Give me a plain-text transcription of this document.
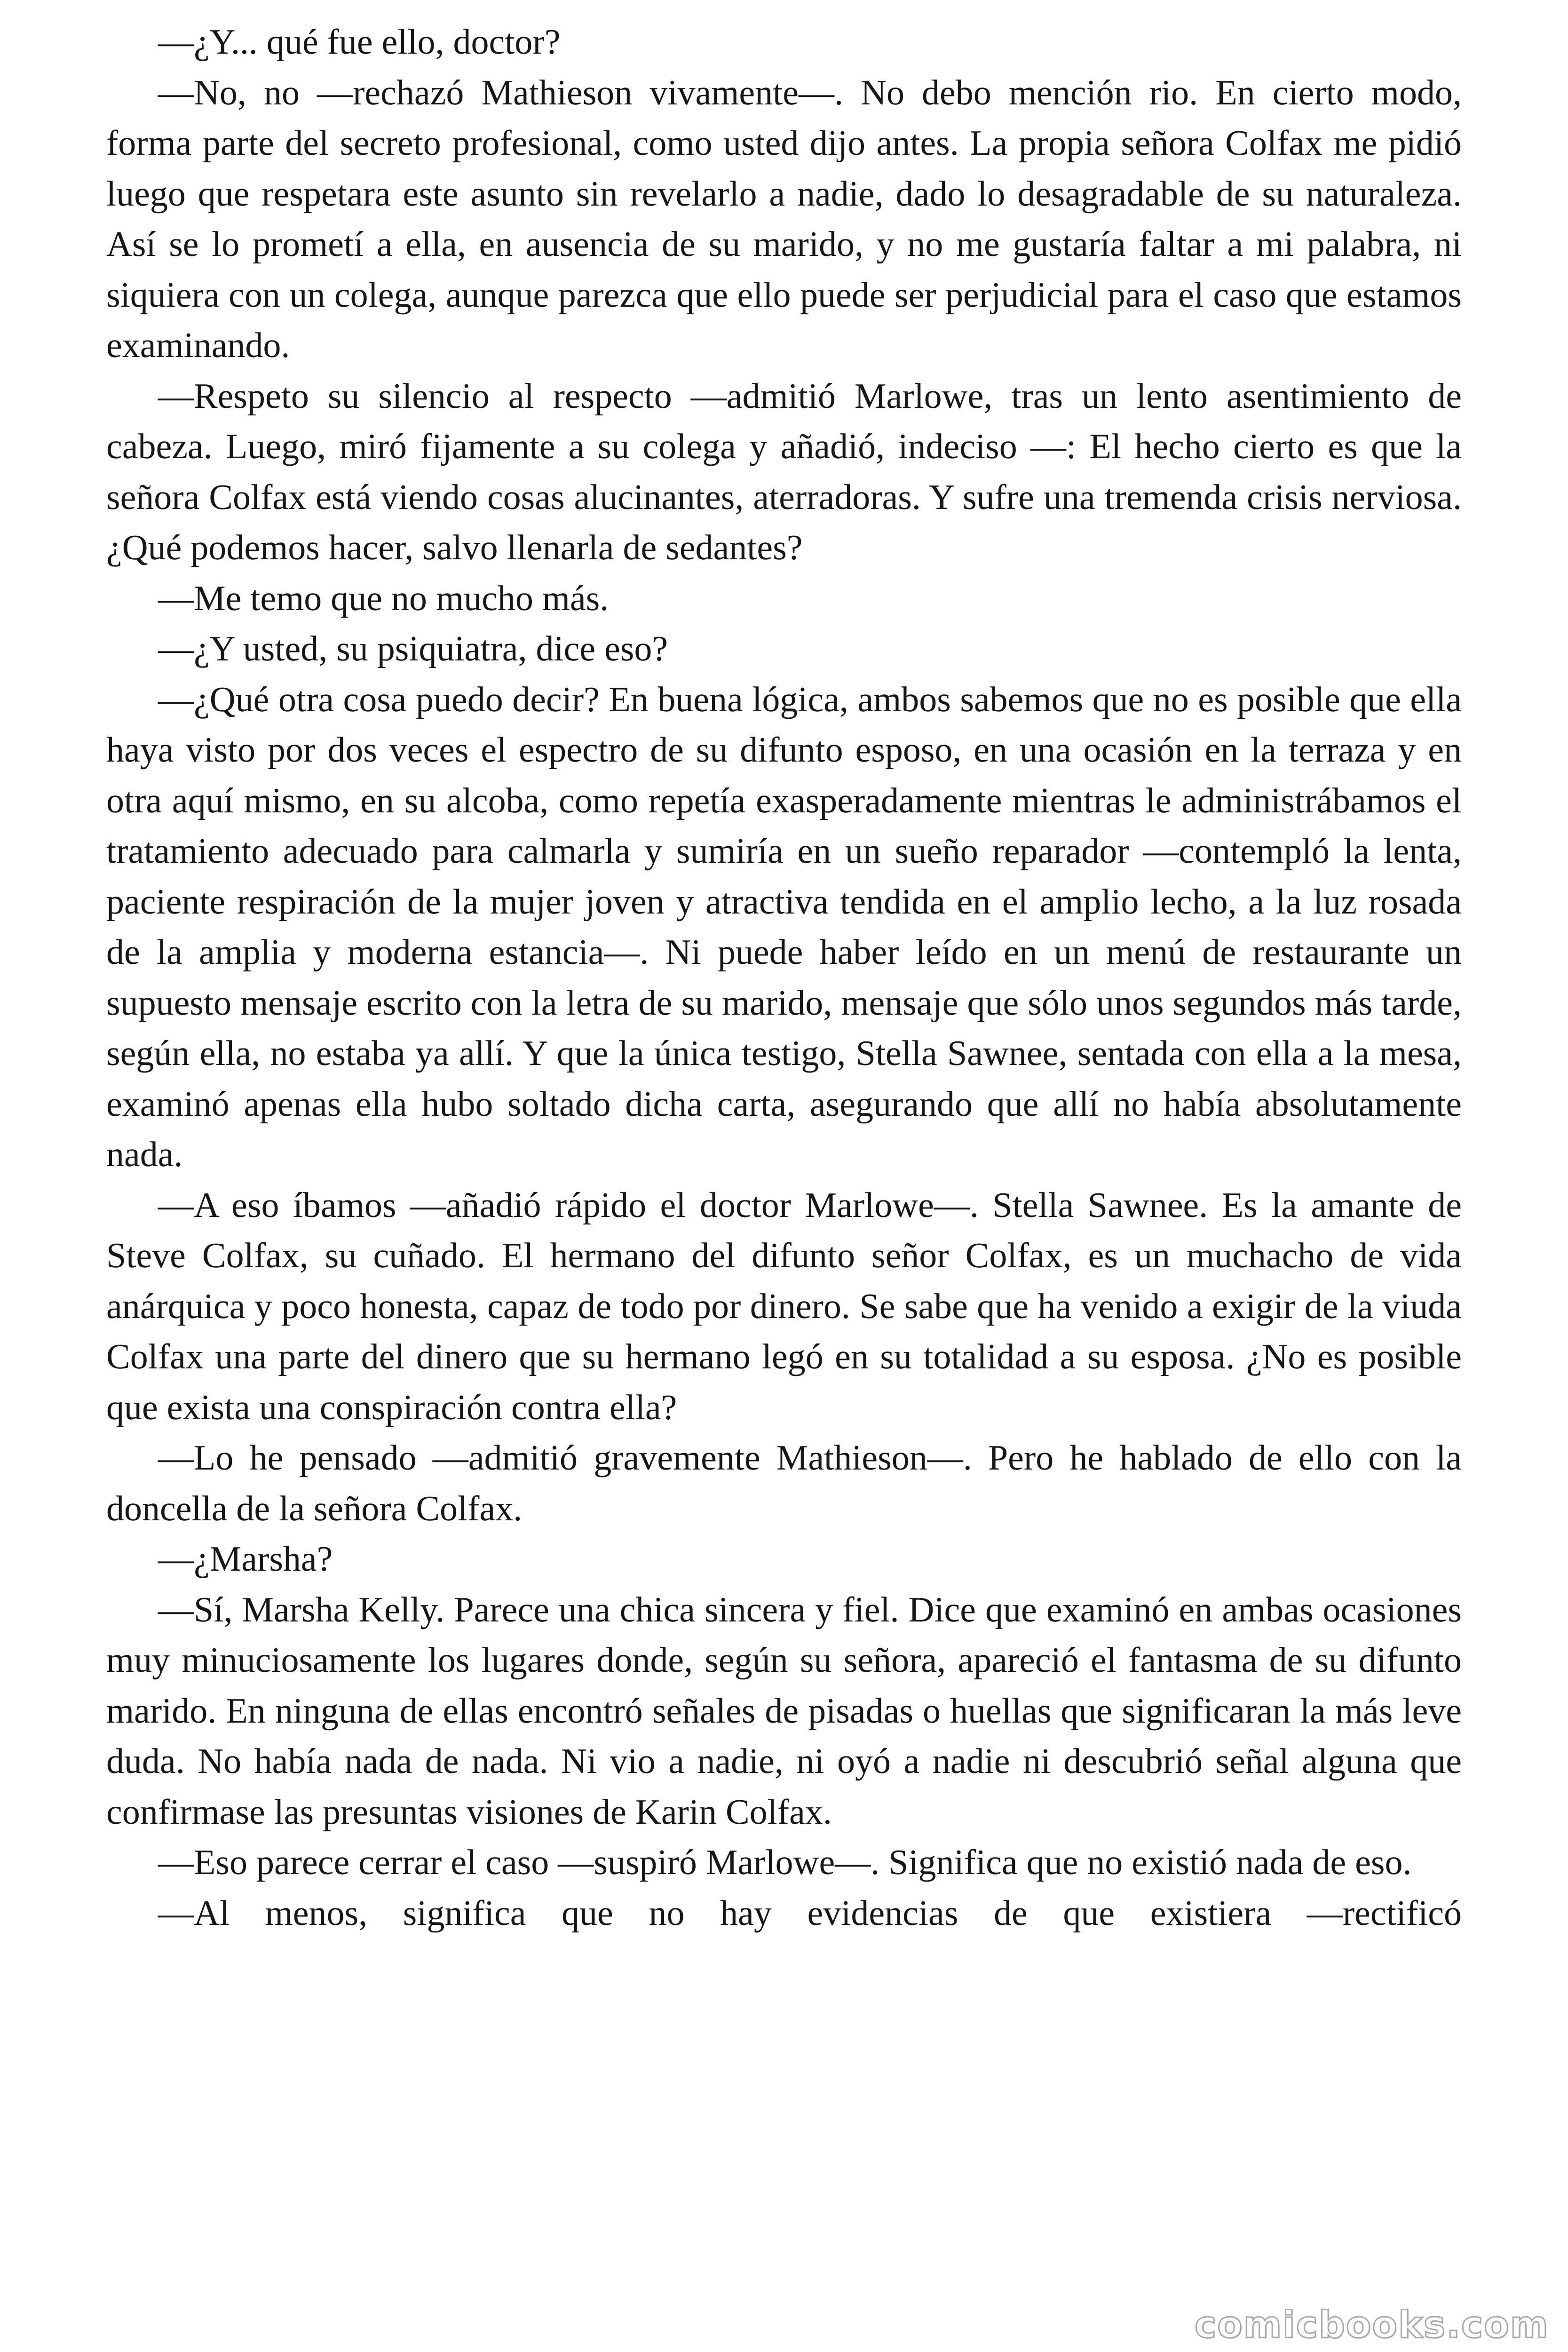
—¿Y... qué fue ello, doctor?

—No, no —rechazó Mathieson vivamente—. No debo mención rio. En cierto modo, forma parte del secreto profesional, como usted dijo antes. La propia señora Colfax me pidió luego que respetara este asunto sin revelarlo a nadie, dado lo desagradable de su naturaleza. Así se lo prometí a ella, en ausencia de su marido, y no me gustaría faltar a mi palabra, ni siquiera con un colega, aunque parezca que ello puede ser perjudicial para el caso que estamos examinando.

—Respeto su silencio al respecto —admitió Marlowe, tras un lento asentimiento de cabeza. Luego, miró fijamente a su colega y añadió, indeciso —: El hecho cierto es que la señora Colfax está viendo cosas alucinantes, aterradoras. Y sufre una tremenda crisis nerviosa. ¿Qué podemos hacer, salvo llenarla de sedantes?

—Me temo que no mucho más.

—¿Y usted, su psiquiatra, dice eso?

—¿Qué otra cosa puedo decir? En buena lógica, ambos sabemos que no es posible que ella haya visto por dos veces el espectro de su difunto esposo, en una ocasión en la terraza y en otra aquí mismo, en su alcoba, como repetía exasperadamente mientras le administrábamos el tratamiento adecuado para calmarla y sumiría en un sueño reparador —contempló la lenta, paciente respiración de la mujer joven y atractiva tendida en el amplio lecho, a la luz rosada de la amplia y moderna estancia—. Ni puede haber leído en un menú de restaurante un supuesto mensaje escrito con la letra de su marido, mensaje que sólo unos segundos más tarde, según ella, no estaba ya allí. Y que la única testigo, Stella Sawnee, sentada con ella a la mesa, examinó apenas ella hubo soltado dicha carta, asegurando que allí no había absolutamente nada.

—A eso íbamos —añadió rápido el doctor Marlowe—. Stella Sawnee. Es la amante de Steve Colfax, su cuñado. El hermano del difunto señor Colfax, es un muchacho de vida anárquica y poco honesta, capaz de todo por dinero. Se sabe que ha venido a exigir de la viuda Colfax una parte del dinero que su hermano legó en su totalidad a su esposa. ¿No es posible que exista una conspiración contra ella?

—Lo he pensado —admitió gravemente Mathieson—. Pero he hablado de ello con la doncella de la señora Colfax.

—¿Marsha?

—Sí, Marsha Kelly. Parece una chica sincera y fiel. Dice que examinó en ambas ocasiones muy minuciosamente los lugares donde, según su señora, apareció el fantasma de su difunto marido. En ninguna de ellas encontró señales de pisadas o huellas que significaran la más leve duda. No había nada de nada. Ni vio a nadie, ni oyó a nadie ni descubrió señal alguna que confirmase las presuntas visiones de Karin Colfax.

—Eso parece cerrar el caso —suspiró Marlowe—. Significa que no existió nada de eso.

—Al menos, significa que no hay evidencias de que existiera —rectificó

comicbooks.com
